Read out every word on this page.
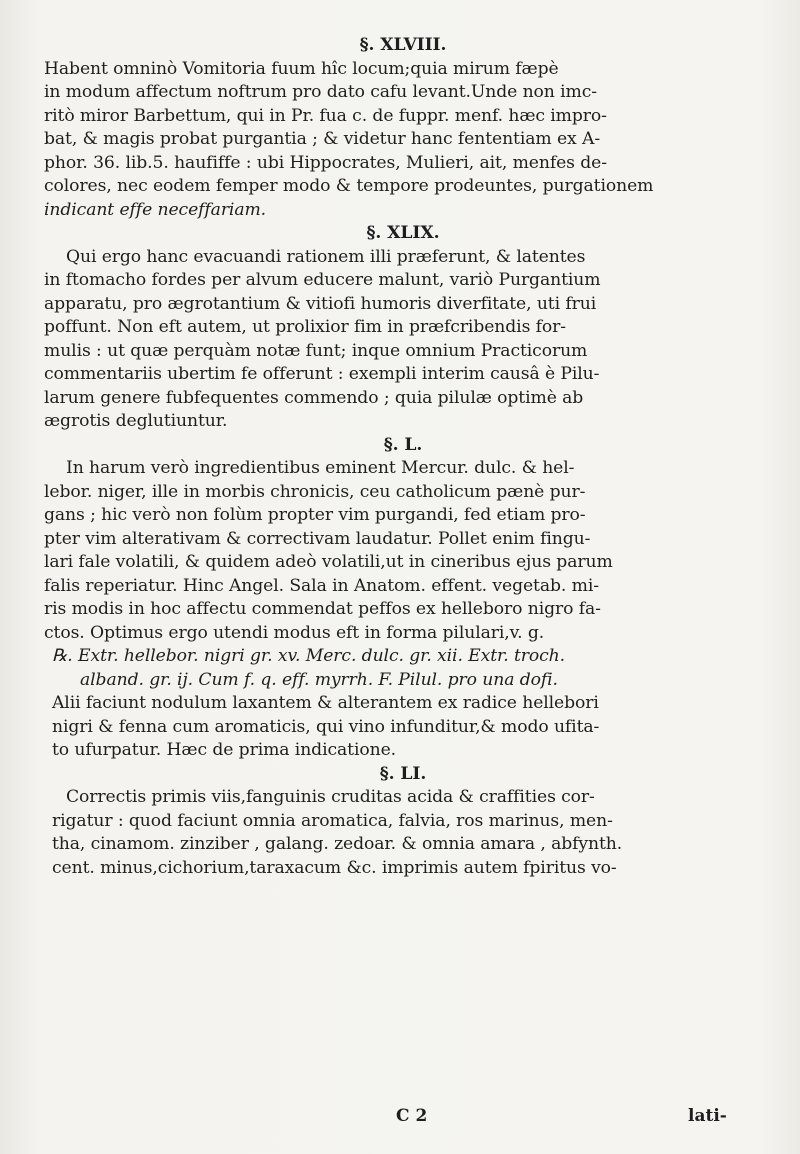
§. XLVIII.

Habent omninò Vomitoria fuum hîc locum;quia mirum fæpè
in modum affectum noftrum pro dato cafu levant.Unde non imc-
ritò miror Barbettum, qui in Pr. fua c. de fuppr. menf. hæc impro-
bat, & magis probat purgantia ; & videtur hanc fententiam ex A-
phor. 36. lib.5. haufiffe : ubi Hippocrates, Mulieri, ait, menfes de-
colores, nec eodem femper modo & tempore prodeuntes, purgationem
indicant effe neceffariam.

§. XLIX.

Qui ergo hanc evacuandi rationem illi præferunt, & latentes
in ftomacho fordes per alvum educere malunt, variò Purgantium
apparatu, pro ægrotantium & vitiofi humoris diverfitate, uti frui
poffunt. Non eft autem, ut prolixior fim in præfcribendis for-
mulis : ut quæ perquàm notæ funt; inque omnium Practicorum
commentariis ubertim fe offerunt : exempli interim causâ è Pilu-
larum genere fubfequentes commendo ; quia pilulæ optimè ab
ægrotis deglutiuntur.

§. L.

In harum verò ingredientibus eminent Mercur. dulc. & hel-
lebor. niger, ille in morbis chronicis, ceu catholicum pænè pur-
gans ; hic verò non folùm propter vim purgandi, fed etiam pro-
pter vim alterativam & correctivam laudatur. Pollet enim fingu-
lari fale volatili, & quidem adeò volatili,ut in cineribus ejus parum
falis reperiatur. Hinc Angel. Sala in Anatom. effent. vegetab. mi-
ris modis in hoc affectu commendat peffos ex helleboro nigro fa-
ctos. Optimus ergo utendi modus eft in forma pilulari,v. g.
℞. Extr. hellebor. nigri gr. xv. Merc. dulc. gr. xii. Extr. troch.
alband. gr. ij. Cum f. q. eff. myrrh. F. Pilul. pro una dofi.
Alii faciunt nodulum laxantem & alterantem ex radice hellebori
nigri & fenna cum aromaticis, qui vino infunditur,& modo ufita-
to ufurpatur. Hæc de prima indicatione.

§. LI.

Correctis primis viis,fanguinis cruditas acida & craffities cor-
rigatur : quod faciunt omnia aromatica, falvia, ros marinus, men-
tha, cinamom. zinziber , galang. zedoar. & omnia amara , abfynth.
cent. minus,cichorium,taraxacum &c. imprimis autem fpiritus vo-
C 2	lati-
